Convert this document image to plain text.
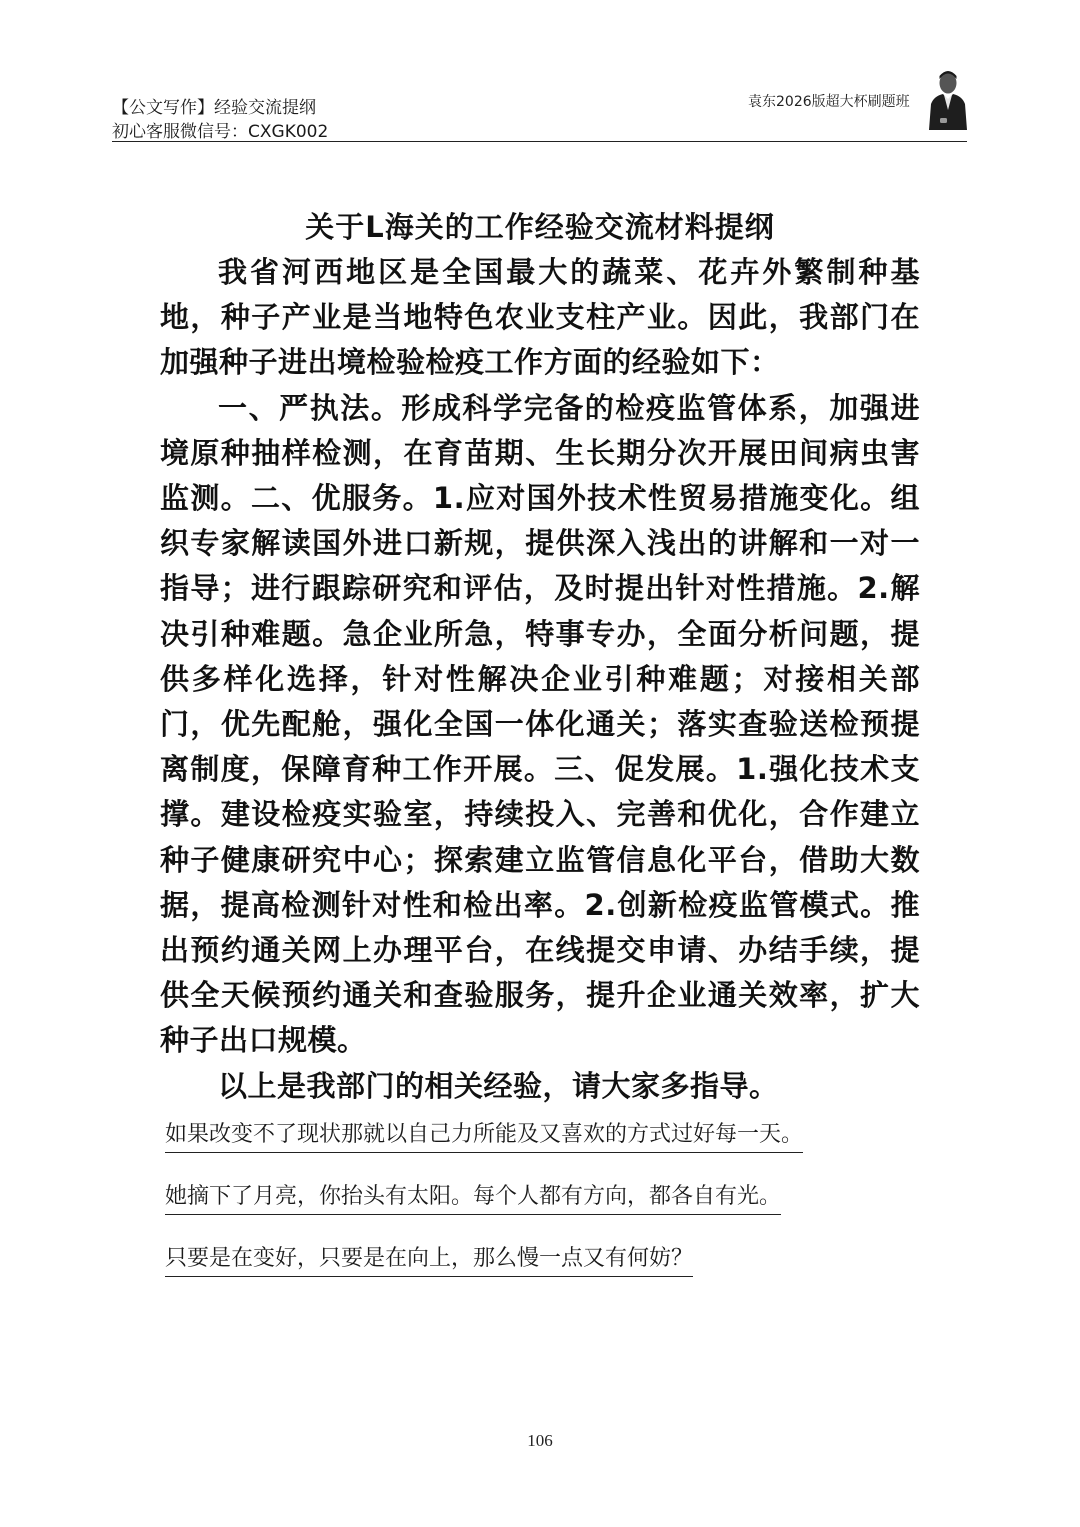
【公文写作】经验交流提纲
初心客服微信号：CXGK002
袁东2026版超大杯刷题班
关于L海关的工作经验交流材料提纲

我省河西地区是全国最大的蔬菜、花卉外繁制种基地，种子产业是当地特色农业支柱产业。因此，我部门在加强种子进出境检验检疫工作方面的经验如下：

一、严执法。形成科学完备的检疫监管体系，加强进境原种抽样检测，在育苗期、生长期分次开展田间病虫害监测。二、优服务。1.应对国外技术性贸易措施变化。组织专家解读国外进口新规，提供深入浅出的讲解和一对一指导；进行跟踪研究和评估，及时提出针对性措施。2.解决引种难题。急企业所急，特事专办，全面分析问题，提供多样化选择，针对性解决企业引种难题；对接相关部门，优先配舱，强化全国一体化通关；落实查验送检预提离制度，保障育种工作开展。三、促发展。1.强化技术支撑。建设检疫实验室，持续投入、完善和优化，合作建立种子健康研究中心；探索建立监管信息化平台，借助大数据，提高检测针对性和检出率。2.创新检疫监管模式。推出预约通关网上办理平台，在线提交申请、办结手续，提供全天候预约通关和查验服务，提升企业通关效率，扩大种子出口规模。

以上是我部门的相关经验，请大家多指导。

如果改变不了现状那就以自己力所能及又喜欢的方式过好每一天。
她摘下了月亮，你抬头有太阳。每个人都有方向，都各自有光。
只要是在变好，只要是在向上，那么慢一点又有何妨？
106
